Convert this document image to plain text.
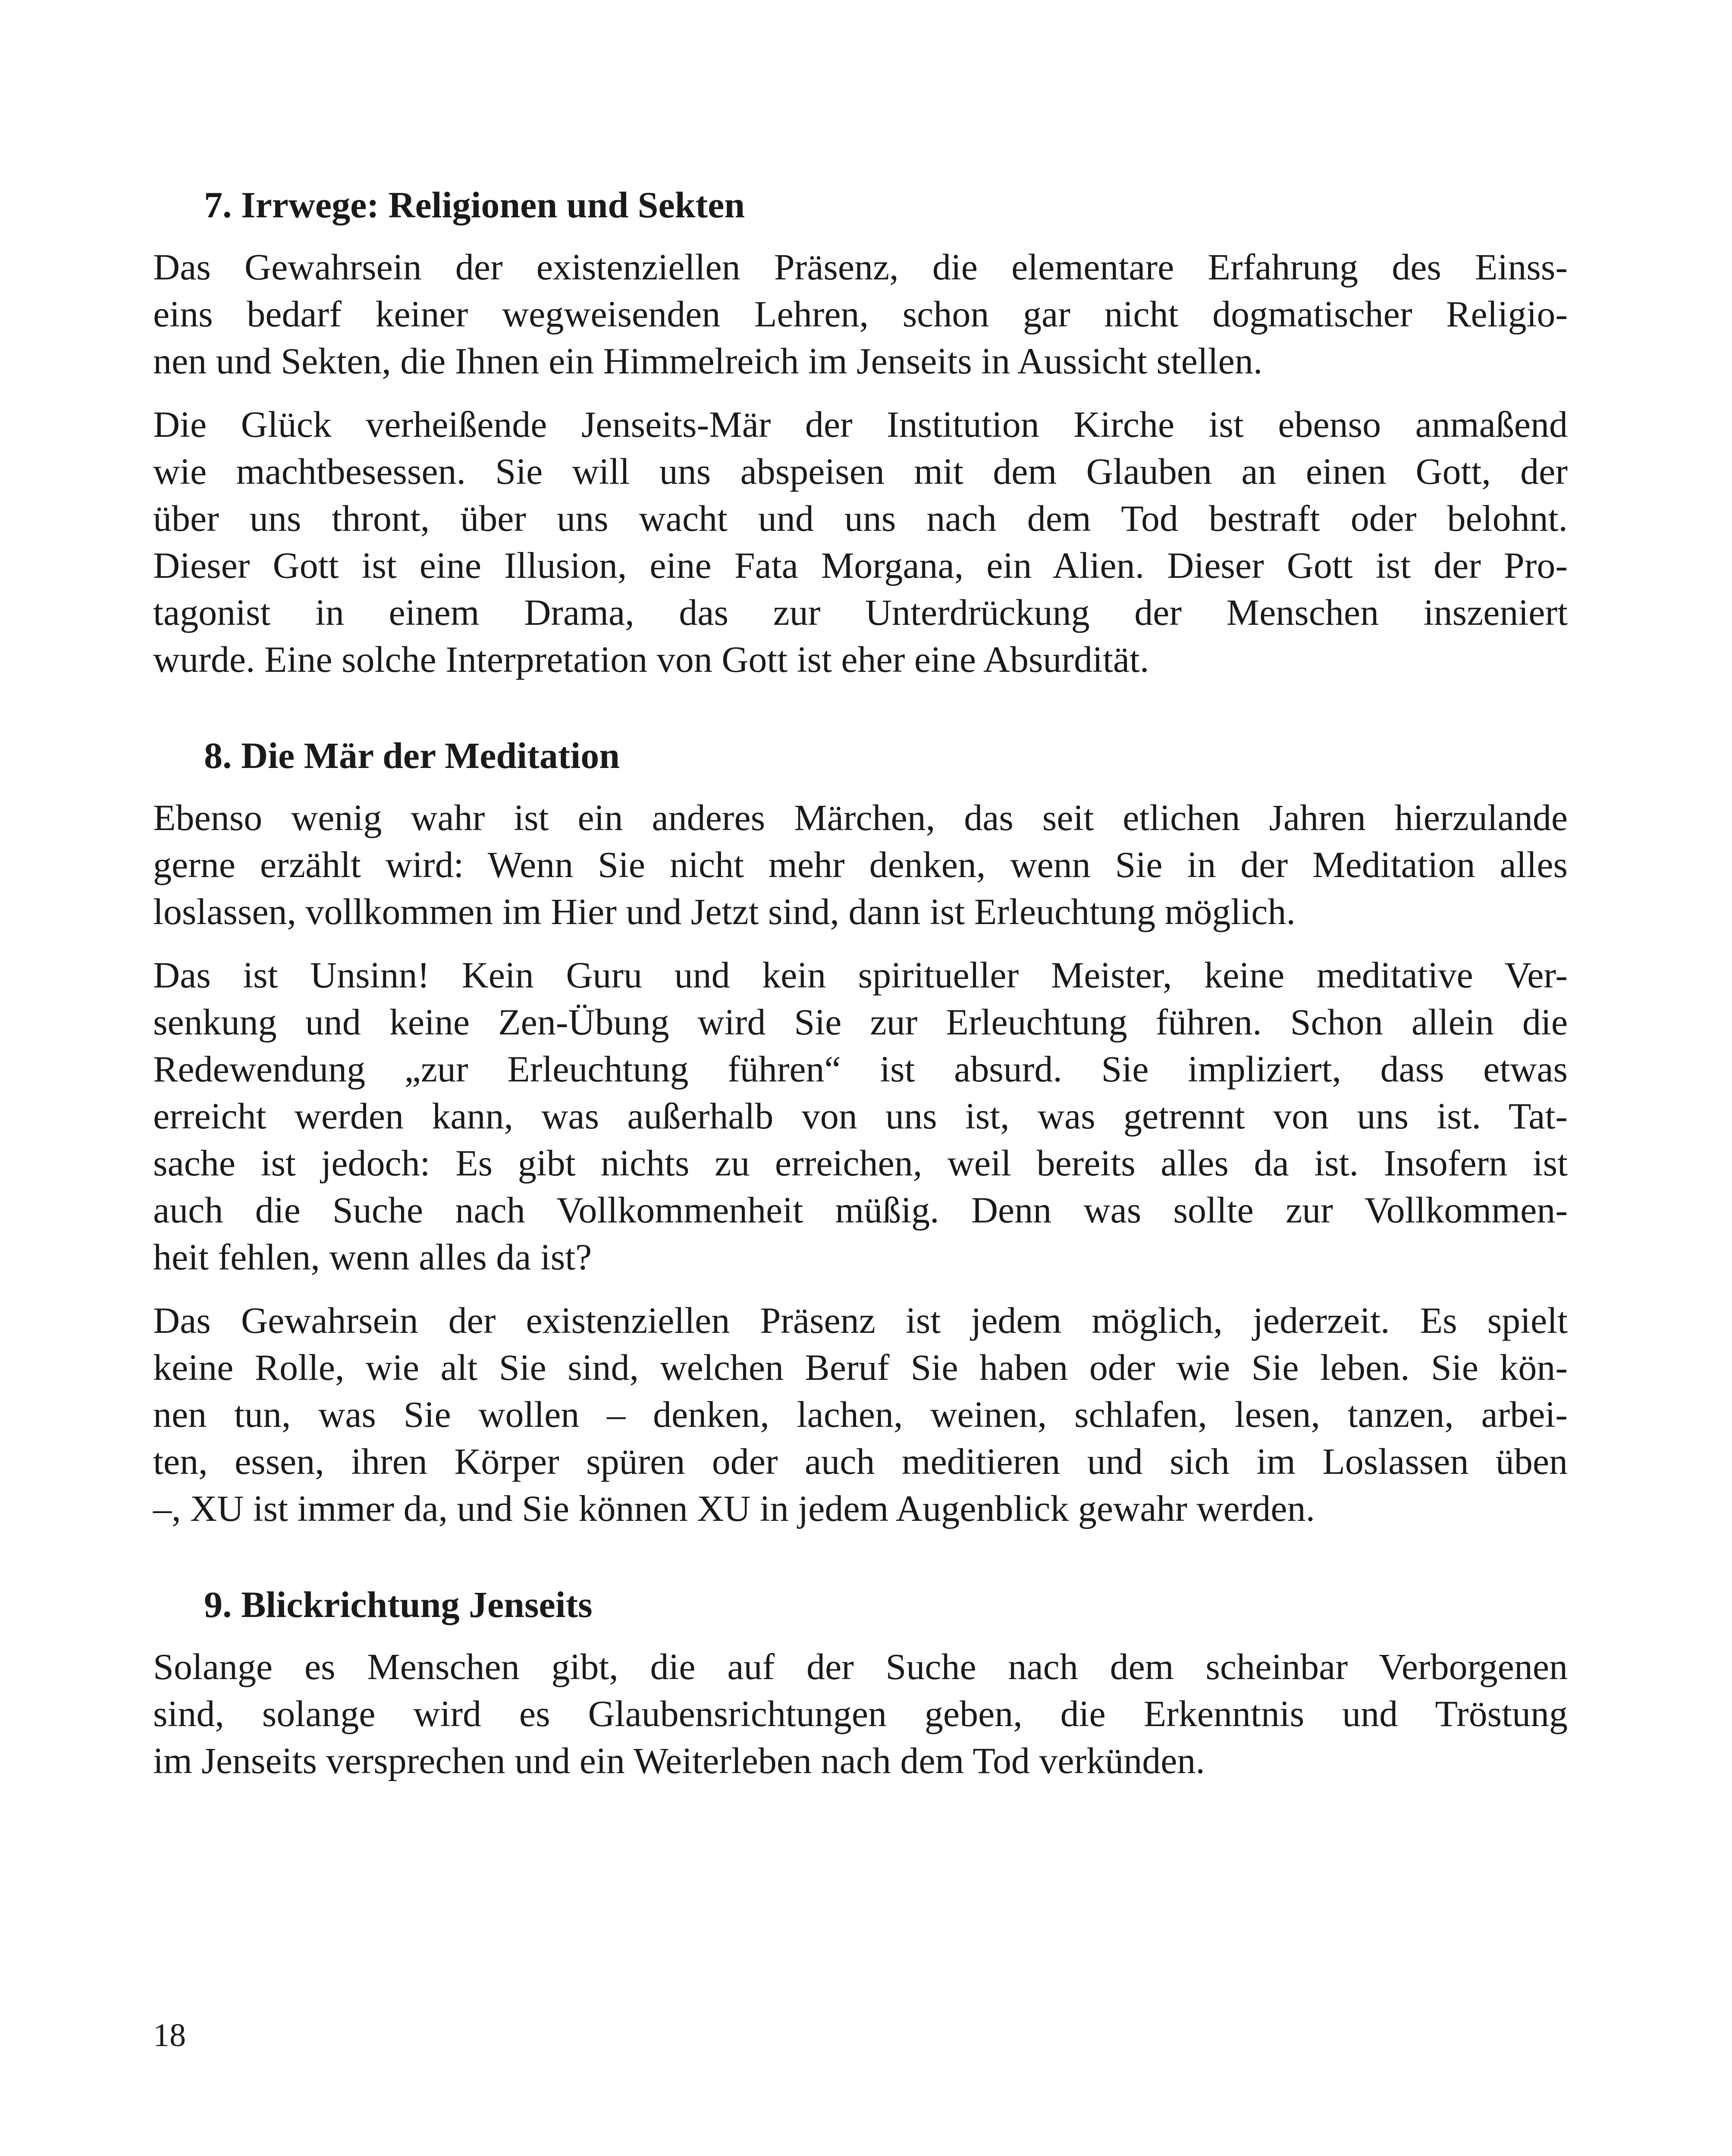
7. Irrwege: Religionen und Sekten
Das Gewahrsein der existenziellen Präsenz, die elementare Erfahrung des Einss-
eins bedarf keiner wegweisenden Lehren, schon gar nicht dogmatischer Religio-
nen und Sekten, die Ihnen ein Himmelreich im Jenseits in Aussicht stellen.
Die Glück verheißende Jenseits-Mär der Institution Kirche ist ebenso anmaßend
wie machtbesessen. Sie will uns abspeisen mit dem Glauben an einen Gott, der
über uns thront, über uns wacht und uns nach dem Tod bestraft oder belohnt.
Dieser Gott ist eine Illusion, eine Fata Morgana, ein Alien. Dieser Gott ist der Pro-
tagonist in einem Drama, das zur Unterdrückung der Menschen inszeniert
wurde. Eine solche Interpretation von Gott ist eher eine Absurdität.
8. Die Mär der Meditation
Ebenso wenig wahr ist ein anderes Märchen, das seit etlichen Jahren hierzulande
gerne erzählt wird: Wenn Sie nicht mehr denken, wenn Sie in der Meditation alles
loslassen, vollkommen im Hier und Jetzt sind, dann ist Erleuchtung möglich.
Das ist Unsinn! Kein Guru und kein spiritueller Meister, keine meditative Ver-
senkung und keine Zen-Übung wird Sie zur Erleuchtung führen. Schon allein die
Redewendung „zur Erleuchtung führen“ ist absurd. Sie impliziert, dass etwas
erreicht werden kann, was außerhalb von uns ist, was getrennt von uns ist. Tat-
sache ist jedoch: Es gibt nichts zu erreichen, weil bereits alles da ist. Insofern ist
auch die Suche nach Vollkommenheit müßig. Denn was sollte zur Vollkommen-
heit fehlen, wenn alles da ist?
Das Gewahrsein der existenziellen Präsenz ist jedem möglich, jederzeit. Es spielt
keine Rolle, wie alt Sie sind, welchen Beruf Sie haben oder wie Sie leben. Sie kön-
nen tun, was Sie wollen – denken, lachen, weinen, schlafen, lesen, tanzen, arbei-
ten, essen, ihren Körper spüren oder auch meditieren und sich im Loslassen üben
–, XU ist immer da, und Sie können XU in jedem Augenblick gewahr werden.
9. Blickrichtung Jenseits
Solange es Menschen gibt, die auf der Suche nach dem scheinbar Verborgenen
sind, solange wird es Glaubensrichtungen geben, die Erkenntnis und Tröstung
im Jenseits versprechen und ein Weiterleben nach dem Tod verkünden.
18
